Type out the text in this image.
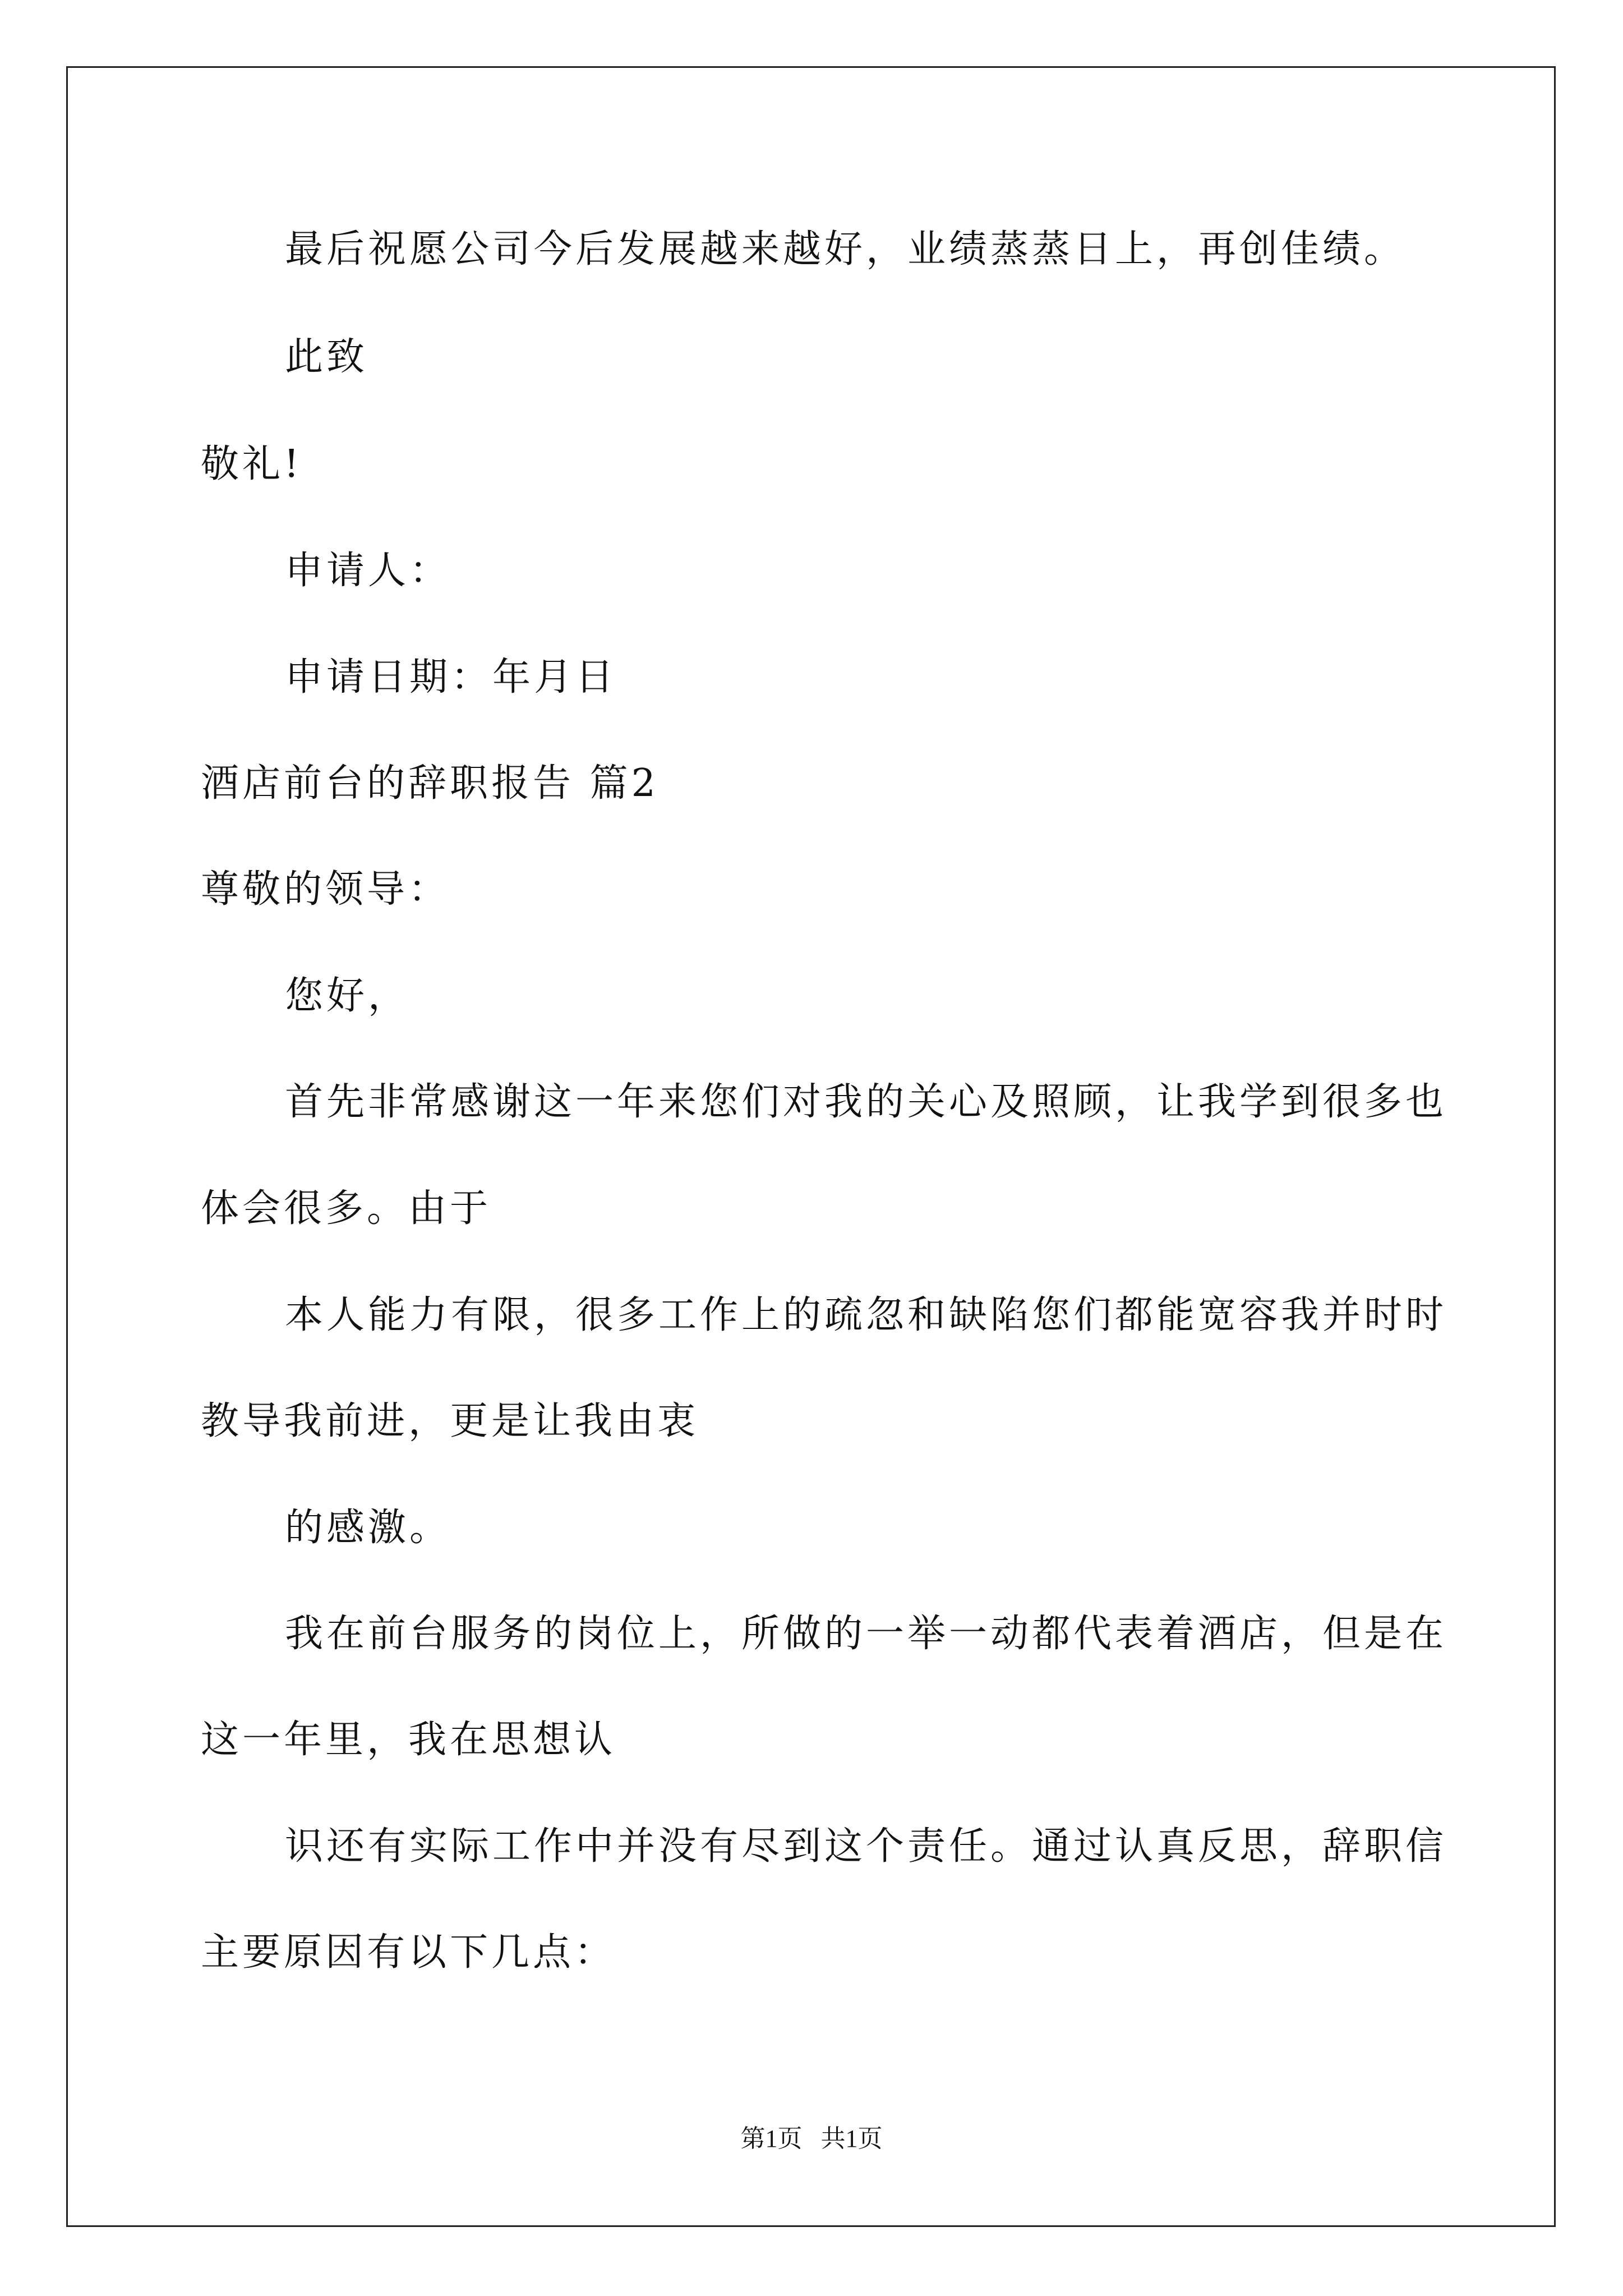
最后祝愿公司今后发展越来越好，业绩蒸蒸日上，再创佳绩。

此致

敬礼!

申请人：

申请日期：年月日

酒店前台的辞职报告 篇2

尊敬的领导：

您好，

首先非常感谢这一年来您们对我的关心及照顾，让我学到很多也

体会很多。由于

本人能力有限，很多工作上的疏忽和缺陷您们都能宽容我并时时

教导我前进，更是让我由衷

的感激。

我在前台服务的岗位上，所做的一举一动都代表着酒店，但是在

这一年里，我在思想认

识还有实际工作中并没有尽到这个责任。通过认真反思，辞职信

主要原因有以下几点：

第1页   共1页
